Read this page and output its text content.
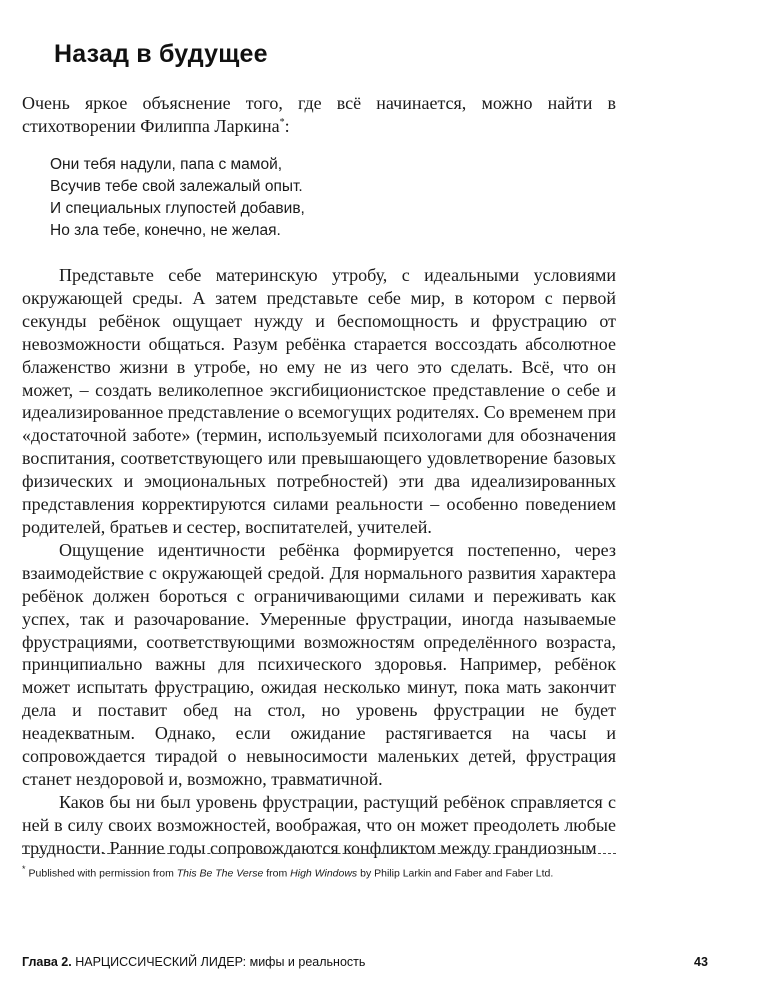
Назад в будущее

Очень яркое объяснение того, где всё начинается, можно найти в стихотворении Филиппа Ларкина*:

Они тебя надули, папа с мамой,
Всучив тебе свой залежалый опыт.
И специальных глупостей добавив,
Но зла тебе, конечно, не желая.

Представьте себе материнскую утробу, с идеальными условиями окружающей среды. А затем представьте себе мир, в котором с первой секунды ребёнок ощущает нужду и беспомощность и фрустрацию от невозможности общаться. Разум ребёнка старается воссоздать абсолютное блаженство жизни в утробе, но ему не из чего это сделать. Всё, что он может, – создать великолепное эксгибиционистское представление о себе и идеализированное представление о всемогущих родителях. Со временем при «достаточной заботе» (термин, используемый психологами для обозначения воспитания, соответствующего или превышающего удовлетворение базовых физических и эмоциональных потребностей) эти два идеализированных представления корректируются силами реальности – особенно поведением родителей, братьев и сестер, воспитателей, учителей.

Ощущение идентичности ребёнка формируется постепенно, через взаимодействие с окружающей средой. Для нормального развития характера ребёнок должен бороться с ограничивающими силами и переживать как успех, так и разочарование. Умеренные фрустрации, иногда называемые фрустрациями, соответствующими возможностям определённого возраста, принципиально важны для психического здоровья. Например, ребёнок может испытать фрустрацию, ожидая несколько минут, пока мать закончит дела и поставит обед на стол, но уровень фрустрации не будет неадекватным. Однако, если ожидание растягивается на часы и сопровождается тирадой о невыносимости маленьких детей, фрустрация станет нездоровой и, возможно, травматичной.

Каков бы ни был уровень фрустрации, растущий ребёнок справляется с ней в силу своих возможностей, воображая, что он может преодолеть любые трудности. Ранние годы сопровождаются конфликтом между грандиозным

* Published with permission from This Be The Verse from High Windows by Philip Larkin and Faber and Faber Ltd.
Глава 2. НАРЦИССИЧЕСКИЙ ЛИДЕР: мифы и реальность	43
